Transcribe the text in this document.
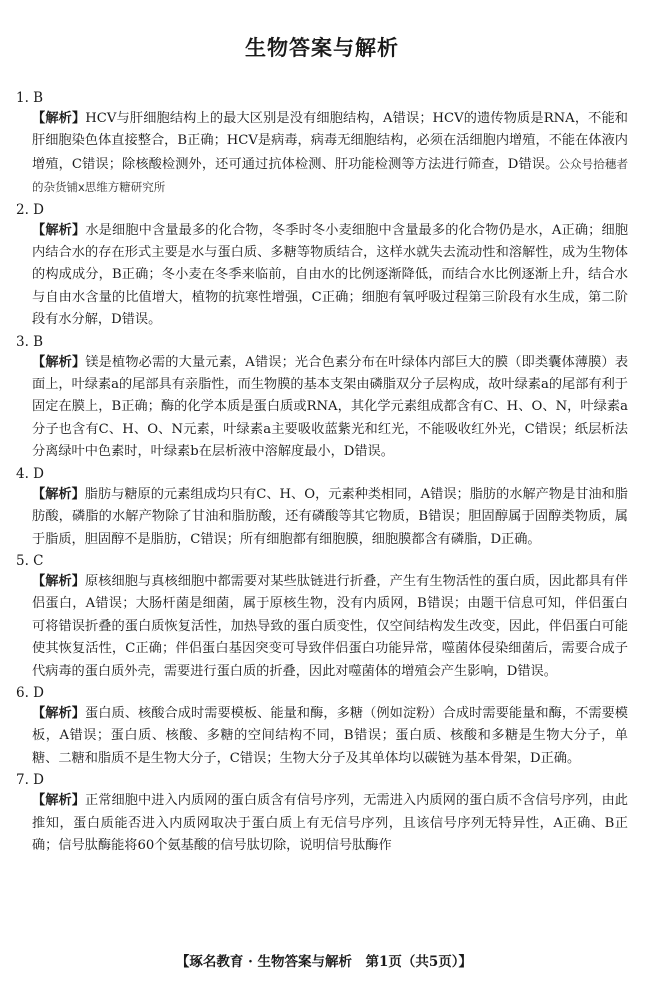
生物答案与解析
1. B
【解析】HCV与肝细胞结构上的最大区别是没有细胞结构，A错误；HCV的遗传物质是RNA，不能和肝细胞染色体直接整合，B正确；HCV是病毒，病毒无细胞结构，必须在活细胞内增殖，不能在体液内增殖，C错误；除核酸检测外，还可通过抗体检测、肝功能检测等方法进行筛查，D错误。公众号拾穗者的杂货铺x思维方糖研究所
2. D
【解析】水是细胞中含量最多的化合物，冬季时冬小麦细胞中含量最多的化合物仍是水，A正确；细胞内结合水的存在形式主要是水与蛋白质、多糖等物质结合，这样水就失去流动性和溶解性，成为生物体的构成成分，B正确；冬小麦在冬季来临前，自由水的比例逐渐降低，而结合水比例逐渐上升，结合水与自由水含量的比值增大，植物的抗寒性增强，C正确；细胞有氧呼吸过程第三阶段有水生成，第二阶段有水分解，D错误。
3. B
【解析】镁是植物必需的大量元素，A错误；光合色素分布在叶绿体内部巨大的膜（即类囊体薄膜）表面上，叶绿素a的尾部具有亲脂性，而生物膜的基本支架由磷脂双分子层构成，故叶绿素a的尾部有利于固定在膜上，B正确；酶的化学本质是蛋白质或RNA，其化学元素组成都含有C、H、O、N，叶绿素a分子也含有C、H、O、N元素，叶绿素a主要吸收蓝紫光和红光，不能吸收红外光，C错误；纸层析法分离绿叶中色素时，叶绿素b在层析液中溶解度最小，D错误。
4. D
【解析】脂肪与糖原的元素组成均只有C、H、O，元素种类相同，A错误；脂肪的水解产物是甘油和脂肪酸，磷脂的水解产物除了甘油和脂肪酸，还有磷酸等其它物质，B错误；胆固醇属于固醇类物质，属于脂质，胆固醇不是脂肪，C错误；所有细胞都有细胞膜，细胞膜都含有磷脂，D正确。
5. C
【解析】原核细胞与真核细胞中都需要对某些肽链进行折叠，产生有生物活性的蛋白质，因此都具有伴侣蛋白，A错误；大肠杆菌是细菌，属于原核生物，没有内质网，B错误；由题干信息可知，伴侣蛋白可将错误折叠的蛋白质恢复活性，加热导致的蛋白质变性，仅空间结构发生改变，因此，伴侣蛋白可能使其恢复活性，C正确；伴侣蛋白基因突变可导致伴侣蛋白功能异常，噬菌体侵染细菌后，需要合成子代病毒的蛋白质外壳，需要进行蛋白质的折叠，因此对噬菌体的增殖会产生影响，D错误。
6. D
【解析】蛋白质、核酸合成时需要模板、能量和酶，多糖（例如淀粉）合成时需要能量和酶，不需要模板，A错误；蛋白质、核酸、多糖的空间结构不同，B错误；蛋白质、核酸和多糖是生物大分子，单糖、二糖和脂质不是生物大分子，C错误；生物大分子及其单体均以碳链为基本骨架，D正确。
7. D
【解析】正常细胞中进入内质网的蛋白质含有信号序列，无需进入内质网的蛋白质不含信号序列，由此推知，蛋白质能否进入内质网取决于蛋白质上有无信号序列，且该信号序列无特异性，A正确、B正确；信号肽酶能将60个氨基酸的信号肽切除，说明信号肽酶作
【琢名教育 · 生物答案与解析　第1页（共5页）】
